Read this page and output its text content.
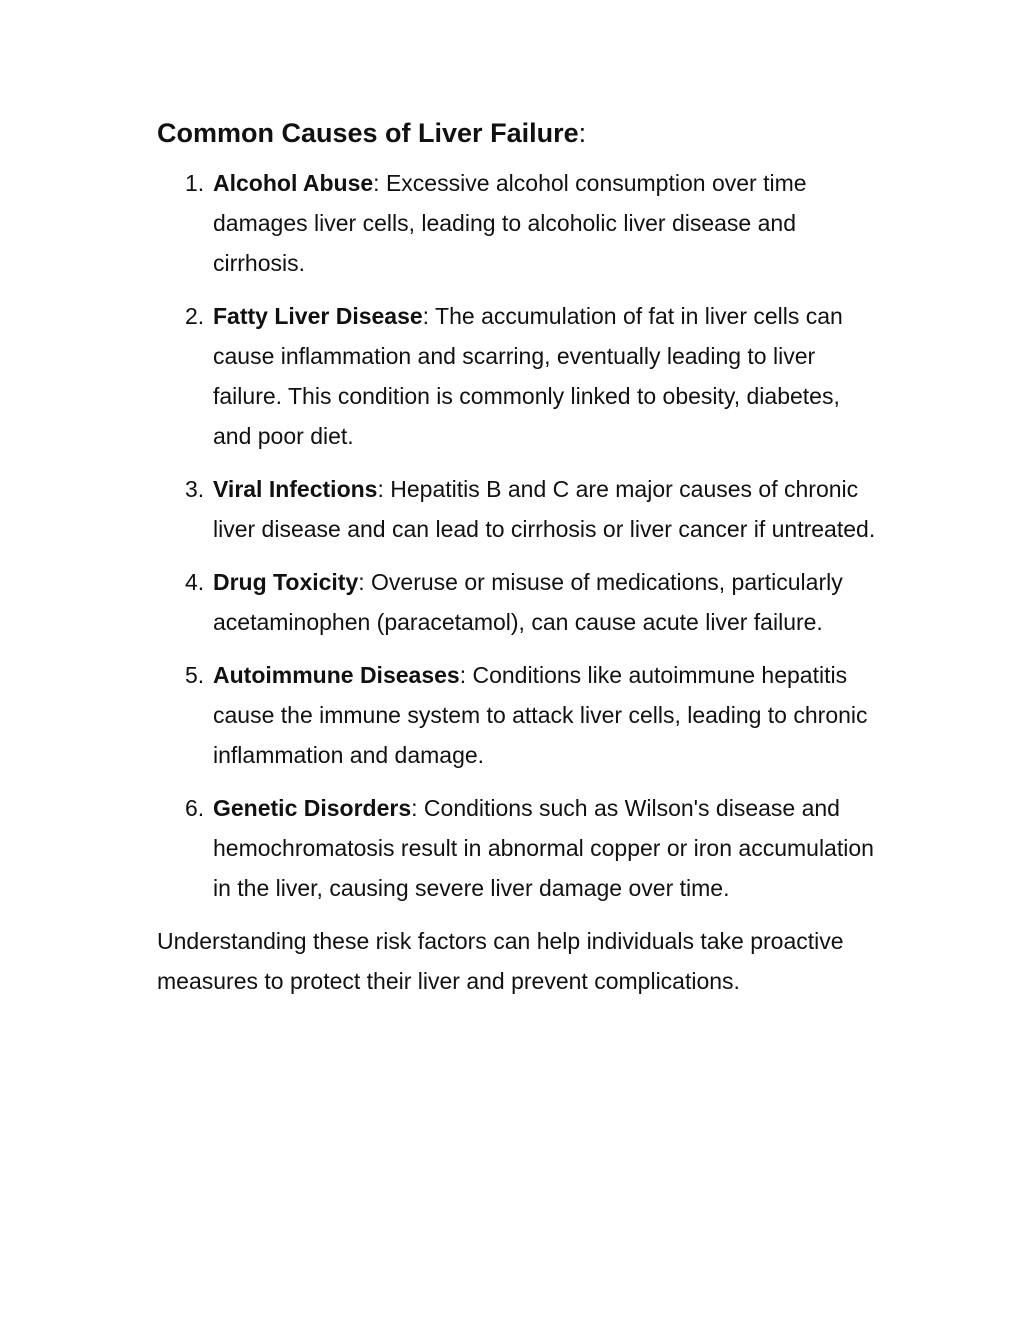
Common Causes of Liver Failure:
1. Alcohol Abuse: Excessive alcohol consumption over time damages liver cells, leading to alcoholic liver disease and cirrhosis.
2. Fatty Liver Disease: The accumulation of fat in liver cells can cause inflammation and scarring, eventually leading to liver failure. This condition is commonly linked to obesity, diabetes, and poor diet.
3. Viral Infections: Hepatitis B and C are major causes of chronic liver disease and can lead to cirrhosis or liver cancer if untreated.
4. Drug Toxicity: Overuse or misuse of medications, particularly acetaminophen (paracetamol), can cause acute liver failure.
5. Autoimmune Diseases: Conditions like autoimmune hepatitis cause the immune system to attack liver cells, leading to chronic inflammation and damage.
6. Genetic Disorders: Conditions such as Wilson's disease and hemochromatosis result in abnormal copper or iron accumulation in the liver, causing severe liver damage over time.

Understanding these risk factors can help individuals take proactive measures to protect their liver and prevent complications.
